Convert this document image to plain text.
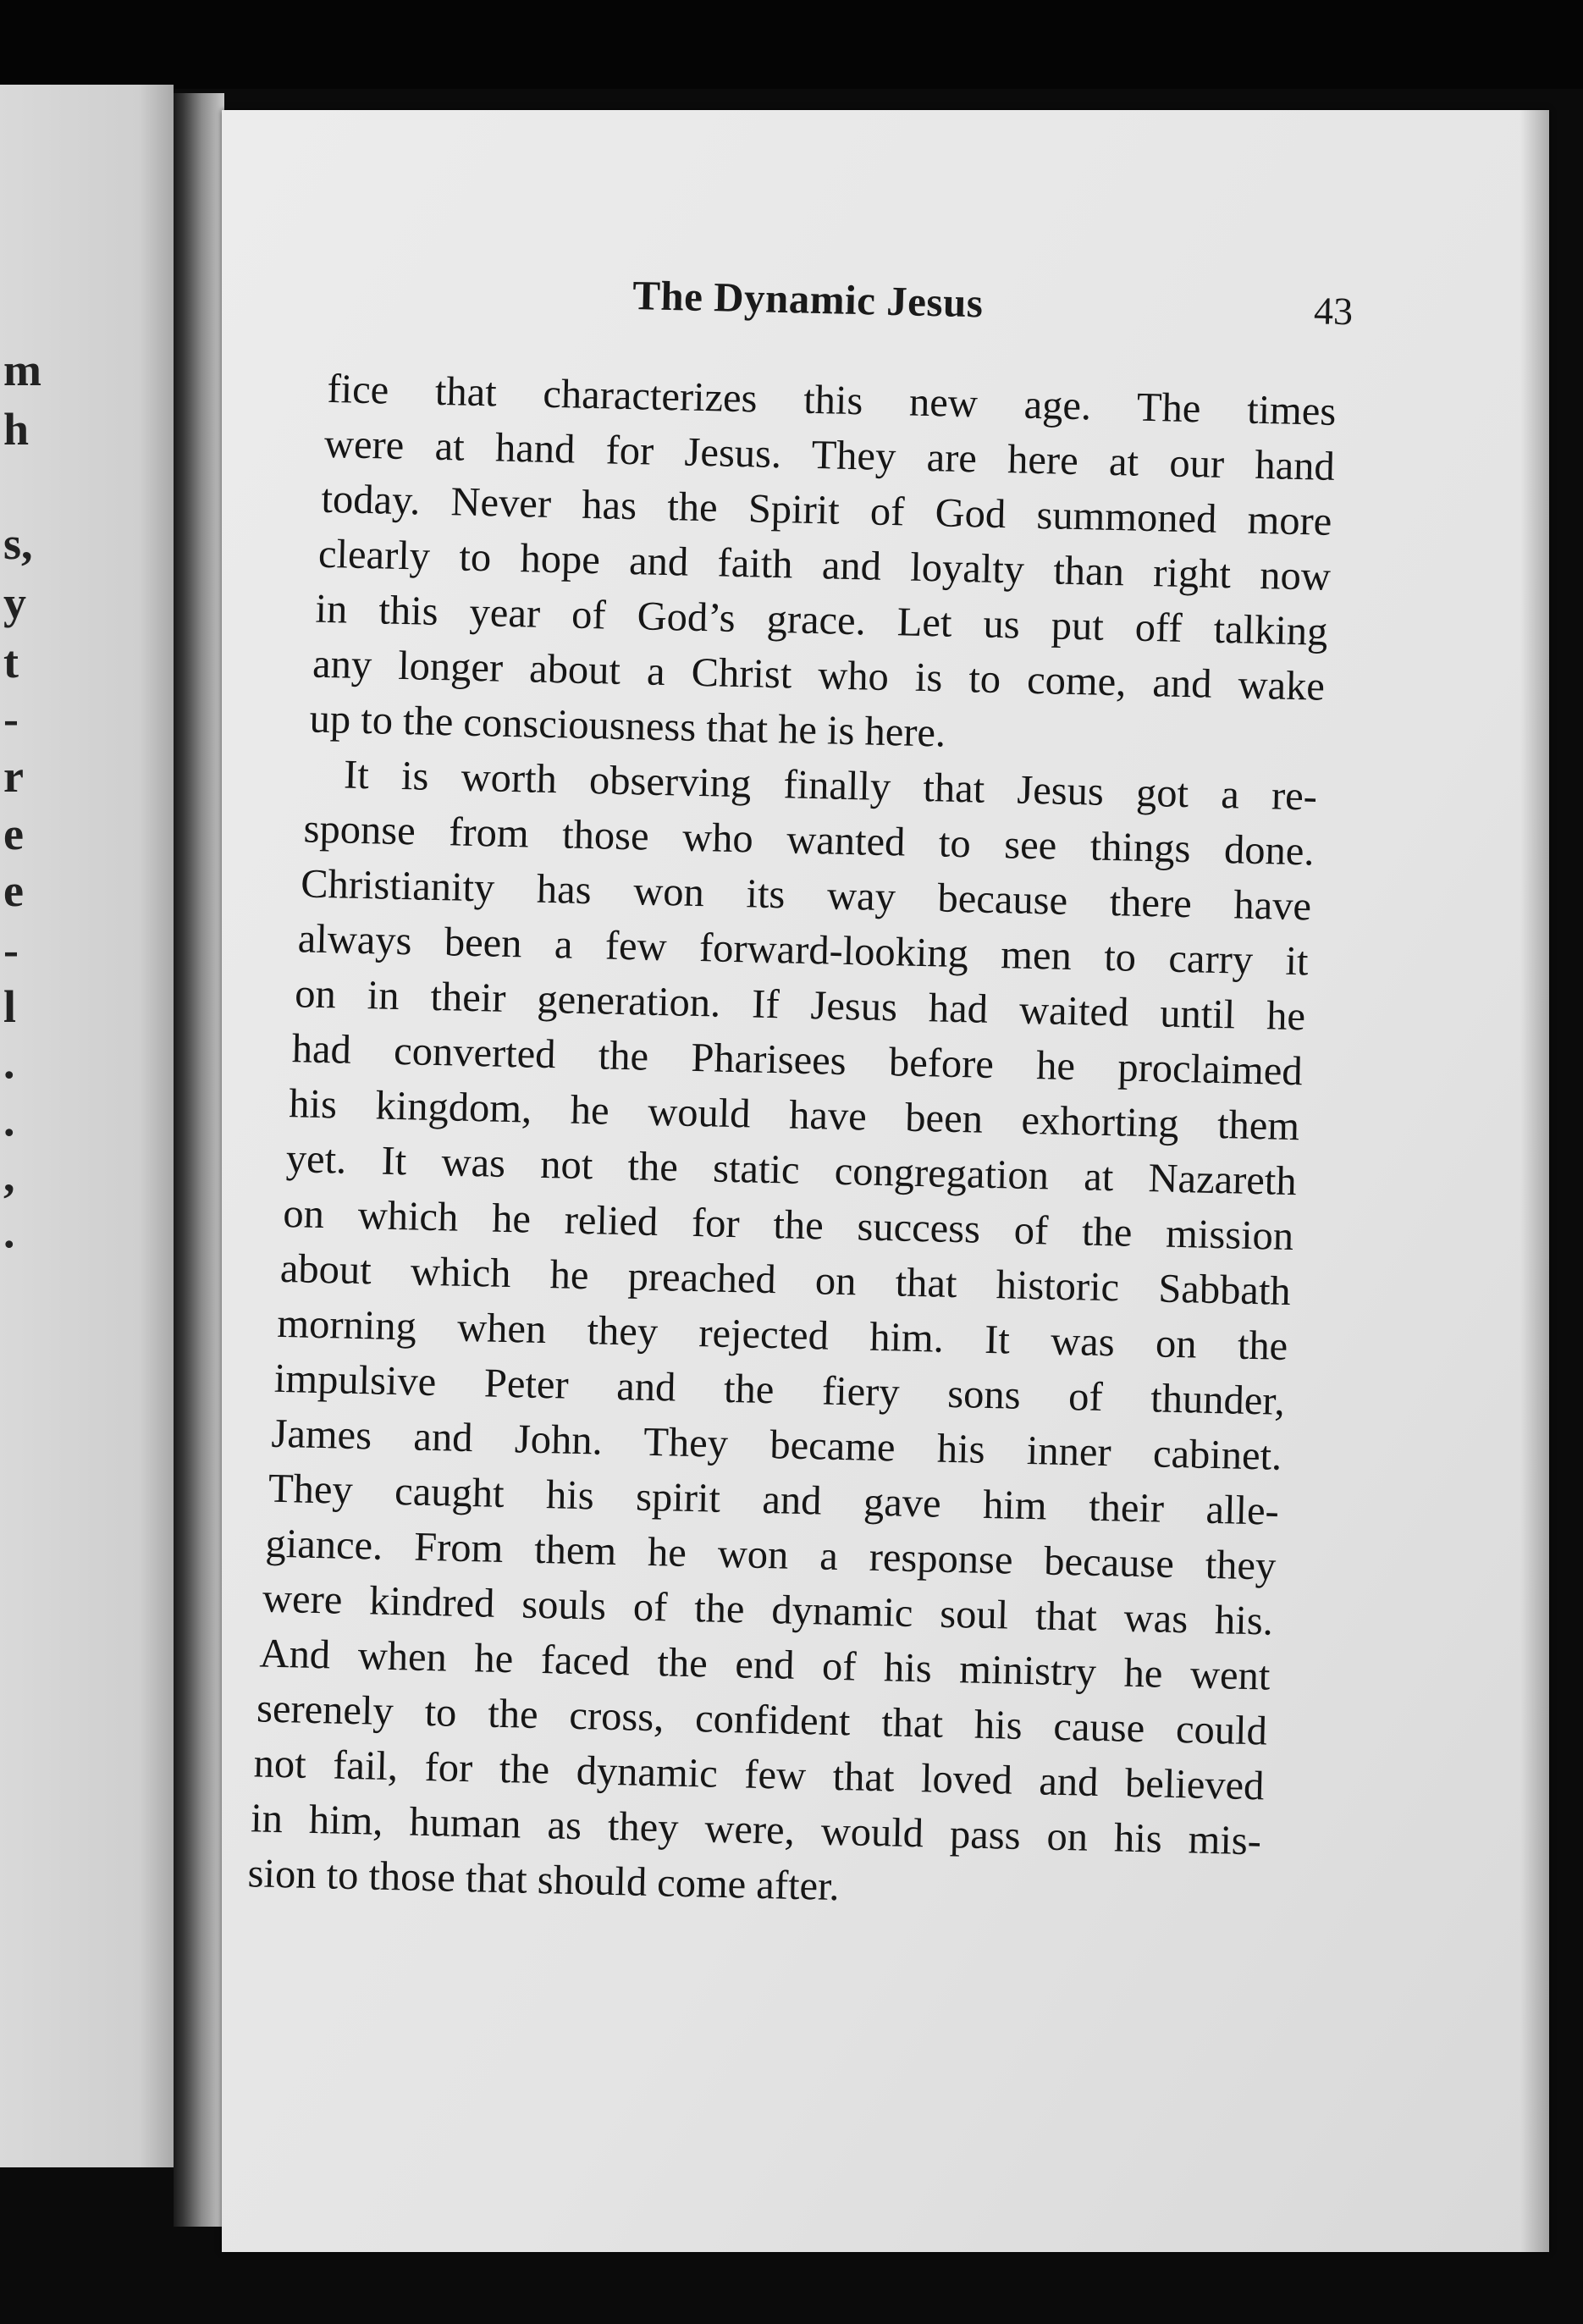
m
h
s,
y
t
-
r
e
e
-
l
.
.
,
.
The Dynamic Jesus	43
fice that characterizes this new age. The times
were at hand for Jesus. They are here at our hand
today. Never has the Spirit of God summoned more
clearly to hope and faith and loyalty than right now
in this year of God’s grace. Let us put off talking
any longer about a Christ who is to come, and wake
up to the consciousness that he is here.
It is worth observing finally that Jesus got a re-
sponse from those who wanted to see things done.
Christianity has won its way because there have
always been a few forward-looking men to carry it
on in their generation. If Jesus had waited until he
had converted the Pharisees before he proclaimed
his kingdom, he would have been exhorting them
yet. It was not the static congregation at Nazareth
on which he relied for the success of the mission
about which he preached on that historic Sabbath
morning when they rejected him. It was on the
impulsive Peter and the fiery sons of thunder,
James and John. They became his inner cabinet.
They caught his spirit and gave him their alle-
giance. From them he won a response because they
were kindred souls of the dynamic soul that was his.
And when he faced the end of his ministry he went
serenely to the cross, confident that his cause could
not fail, for the dynamic few that loved and believed
in him, human as they were, would pass on his mis-
sion to those that should come after.
